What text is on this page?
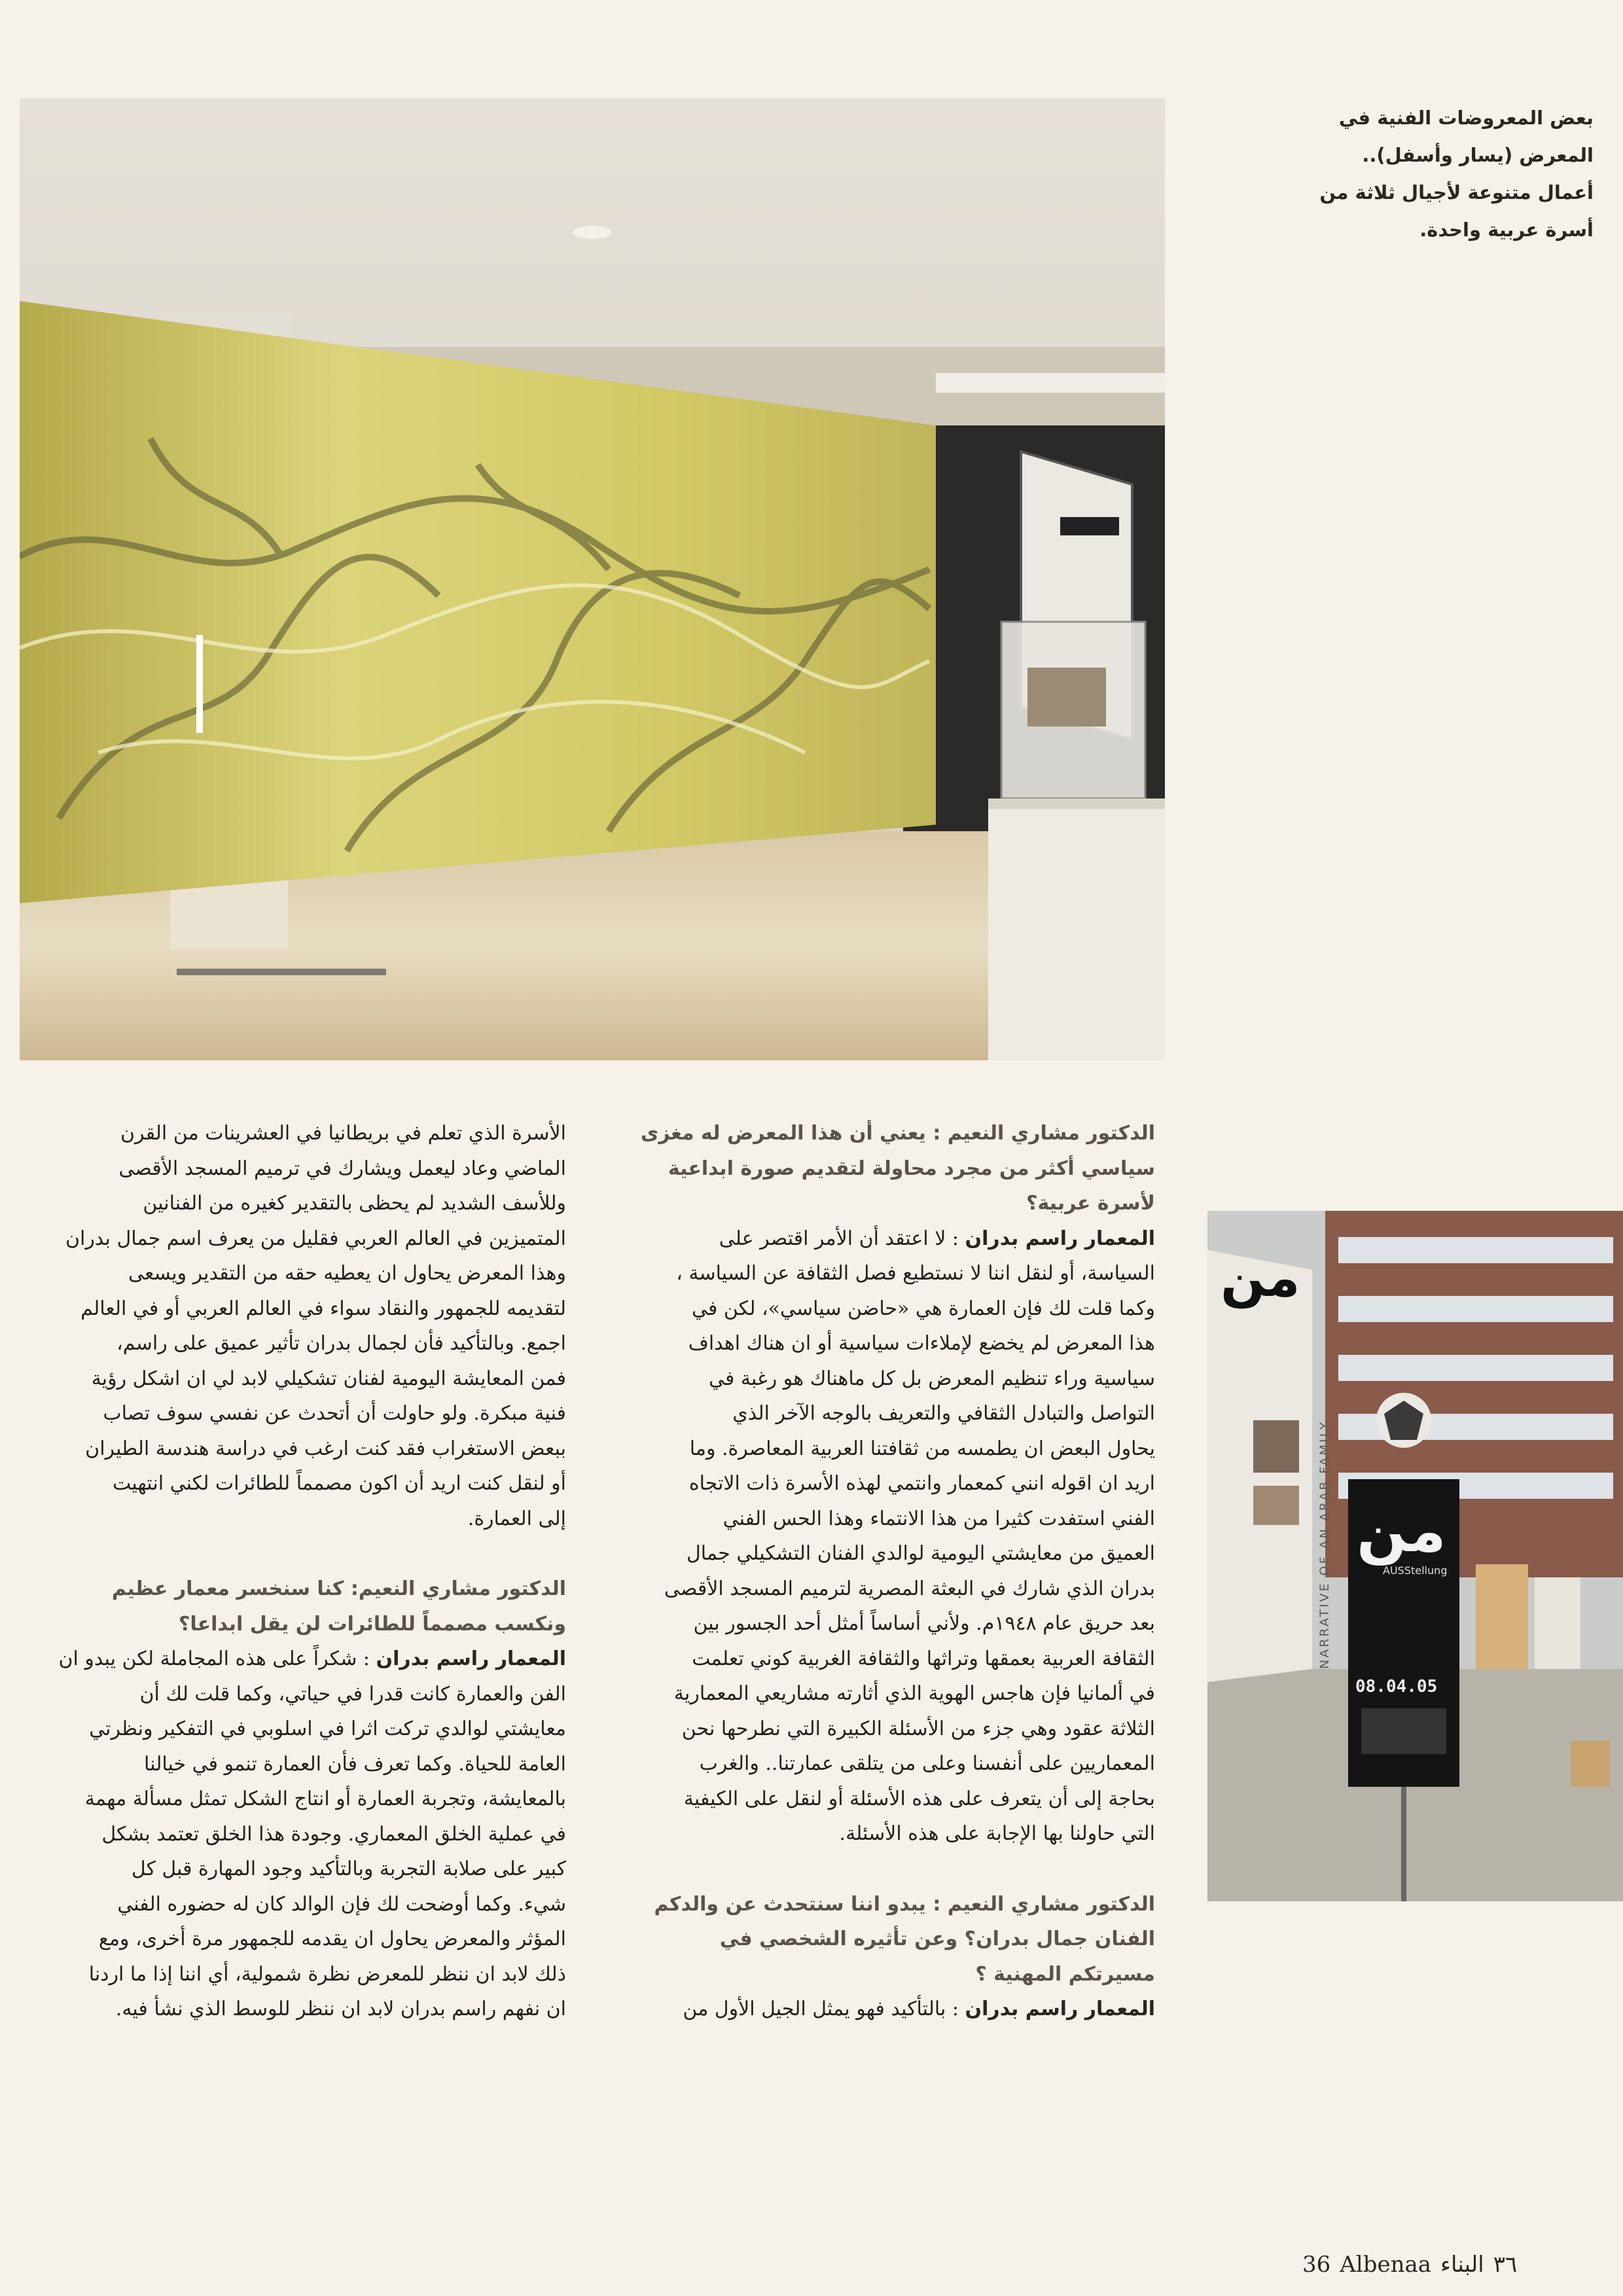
بعض المعروضات الفنية في
المعرض (يسار وأسفل)..
أعمال متنوعة لأجيال ثلاثة من
أسرة عربية واحدة.
ﻣﻦ
ﻣﻦ
AUSStellung
08.04.05
NARRATIVE OF AN ARAB FAMILY
الدكتور مشاري النعيم : يعني أن هذا المعرض له مغزى
سياسي أكثر من مجرد محاولة لتقديم صورة ابداعية
لأسرة عربية؟
المعمار راسم بدران : لا اعتقد أن الأمر اقتصر على
السياسة، أو لنقل اننا لا نستطيع فصل الثقافة عن السياسة ،
وكما قلت لك فإن العمارة هي «حاضن سياسي»، لكن في
هذا المعرض لم يخضع لإملاءات سياسية أو ان هناك اهداف
سياسية وراء تنظيم المعرض بل كل ماهناك هو رغبة في
التواصل والتبادل الثقافي والتعريف بالوجه الآخر الذي
يحاول البعض ان يطمسه من ثقافتنا العربية المعاصرة. وما
اريد ان اقوله انني كمعمار وانتمي لهذه الأسرة ذات الاتجاه
الفني استفدت كثيرا من هذا الانتماء وهذا الحس الفني
العميق من معايشتي اليومية لوالدي الفنان التشكيلي جمال
بدران الذي شارك في البعثة المصرية لترميم المسجد الأقصى
بعد حريق عام ١٩٤٨م. ولأني أساساً أمثل أحد الجسور بين
الثقافة العربية بعمقها وتراثها والثقافة الغربية كوني تعلمت
في ألمانيا فإن هاجس الهوية الذي أثارته مشاريعي المعمارية
الثلاثة عقود وهي جزء من الأسئلة الكبيرة التي نطرحها نحن
المعماريين على أنفسنا وعلى من يتلقى عمارتنا.. والغرب
بحاجة إلى أن يتعرف على هذه الأسئلة أو لنقل على الكيفية
التي حاولنا بها الإجابة على هذه الأسئلة.
الدكتور مشاري النعيم : يبدو اننا سنتحدث عن والدكم
الفنان جمال بدران؟ وعن تأثيره الشخصي في
مسيرتكم المهنية ؟
المعمار راسم بدران : بالتأكيد فهو يمثل الجيل الأول من
الأسرة الذي تعلم في بريطانيا في العشرينات من القرن
الماضي وعاد ليعمل ويشارك في ترميم المسجد الأقصى
وللأسف الشديد لم يحظى بالتقدير كغيره من الفنانين
المتميزين في العالم العربي فقليل من يعرف اسم جمال بدران
وهذا المعرض يحاول ان يعطيه حقه من التقدير ويسعى
لتقديمه للجمهور والنقاد سواء في العالم العربي أو في العالم
اجمع. وبالتأكيد فأن لجمال بدران تأثير عميق على راسم،
فمن المعايشة اليومية لفنان تشكيلي لابد لي ان اشكل رؤية
فنية مبكرة. ولو حاولت أن أتحدث عن نفسي سوف تصاب
ببعض الاستغراب فقد كنت ارغب في دراسة هندسة الطيران
أو لنقل كنت اريد أن اكون مصمماً للطائرات لكني انتهيت
إلى العمارة.
الدكتور مشاري النعيم: كنا سنخسر معمار عظيم
ونكسب مصمماً للطائرات لن يقل ابداعا؟
المعمار راسم بدران : شكراً على هذه المجاملة لكن يبدو ان
الفن والعمارة كانت قدرا في حياتي، وكما قلت لك أن
معايشتي لوالدي تركت اثرا في اسلوبي في التفكير ونظرتي
العامة للحياة. وكما تعرف فأن العمارة تنمو في خيالنا
بالمعايشة، وتجربة العمارة أو انتاج الشكل تمثل مسألة مهمة
في عملية الخلق المعماري. وجودة هذا الخلق تعتمد بشكل
كبير على صلابة التجربة وبالتأكيد وجود المهارة قبل كل
شيء. وكما أوضحت لك فإن الوالد كان له حضوره الفني
المؤثر والمعرض يحاول ان يقدمه للجمهور مرة أخرى، ومع
ذلك لابد ان ننظر للمعرض نظرة شمولية، أي اننا إذا ما اردنا
ان نفهم راسم بدران لابد ان ننظر للوسط الذي نشأ فيه.
36 Albenaa	٣٦البناء
